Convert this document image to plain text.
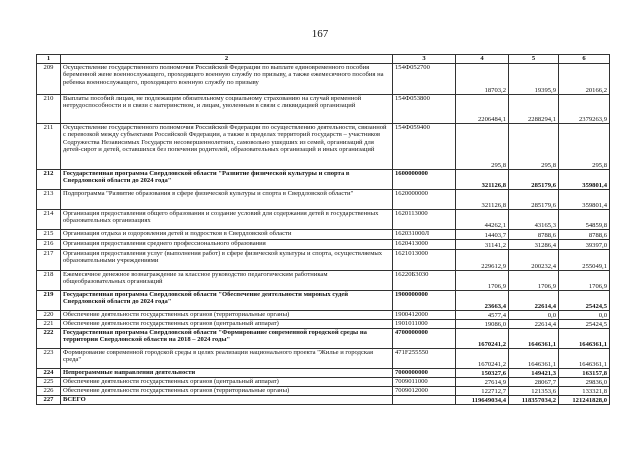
167
1	2	3	4	5	6
209	Осуществление государственного полномочия Российской Федерации по выплате единовременного пособия беременной жене военнослужащего, проходящего военную службу по призыву, а также ежемесячного пособия на ребенка военнослужащего, проходящего военную службу по призыву	154Ф052700	18703,2	19395,9	20166,2
210	Выплаты пособий лицам, не подлежащим обязательному социальному страхованию на случай временной нетрудоспособности и в связи с материнством, и лицам, уволенным в связи с ликвидацией организаций	154Ф053800	2206484,1	2288294,1	2379263,9
211	Осуществление государственного полномочия Российской Федерации по осуществлению деятельности, связанной с перевозкой между субъектами Российской Федерации, а также в пределах территорий государств – участников Содружества Независимых Государств несовершеннолетних, самовольно ушедших из семей, организаций для детей-сирот и детей, оставшихся без попечения родителей, образовательных организаций и иных организаций	154Ф059400	295,8	295,8	295,8
212	Государственная программа Свердловской области "Развитие физической культуры и спорта в Свердловской области до 2024 года"	1600000000	321126,8	285179,6	359801,4
213	Подпрограмма "Развитие образования в сфере физической культуры и спорта в Свердловской области"	1620000000	321126,8	285179,6	359801,4
214	Организация предоставления общего образования и создание условий для содержания детей в государственных образовательных организациях	1620113000	44262,1	43165,3	54859,8
215	Организация отдыха и оздоровления детей и подростков в Свердловской области	162031000Л	14403,7	8788,6	8788,6
216	Организация предоставления среднего профессионального образования	1620413000	31141,2	31286,4	39397,0
217	Организация предоставления услуг (выполнения работ) в сфере физической культуры и спорта, осуществляемых образовательными учреждениями	1621013000	229612,9	200232,4	255049,1
218	Ежемесячное денежное вознаграждение за классное руководство педагогическим работникам общеобразовательных организаций	16220Б3030	1706,9	1706,9	1706,9
219	Государственная программа Свердловской области "Обеспечение деятельности мировых судей Свердловской области до 2024 года"	1900000000	23663,4	22614,4	25424,5
220	Обеспечение деятельности государственных органов (территориальные органы)	1900412000	4577,4	0,0	0,0
221	Обеспечение деятельности государственных органов (центральный аппарат)	1901011000	19086,0	22614,4	25424,5
222	Государственная программа Свердловской области "Формирование современной городской среды на территории Свердловской области на 2018 – 2024 годы"	4700000000	1670241,2	1646361,1	1646361,1
223	Формирование современной городской среды в целях реализации национального проекта "Жилье и городская среда"	471F255550	1670241,2	1646361,1	1646361,1
224	Непрограммные направления деятельности	7000000000	150327,6	149421,3	163157,8
225	Обеспечение деятельности государственных органов (центральный аппарат)	7009011000	27614,9	28067,7	29836,0
226	Обеспечение деятельности государственных органов (территориальные органы)	7009012000	122712,7	121353,6	133321,8
227	ВСЕГО		119649034,4	118357034,2	121241828,0
